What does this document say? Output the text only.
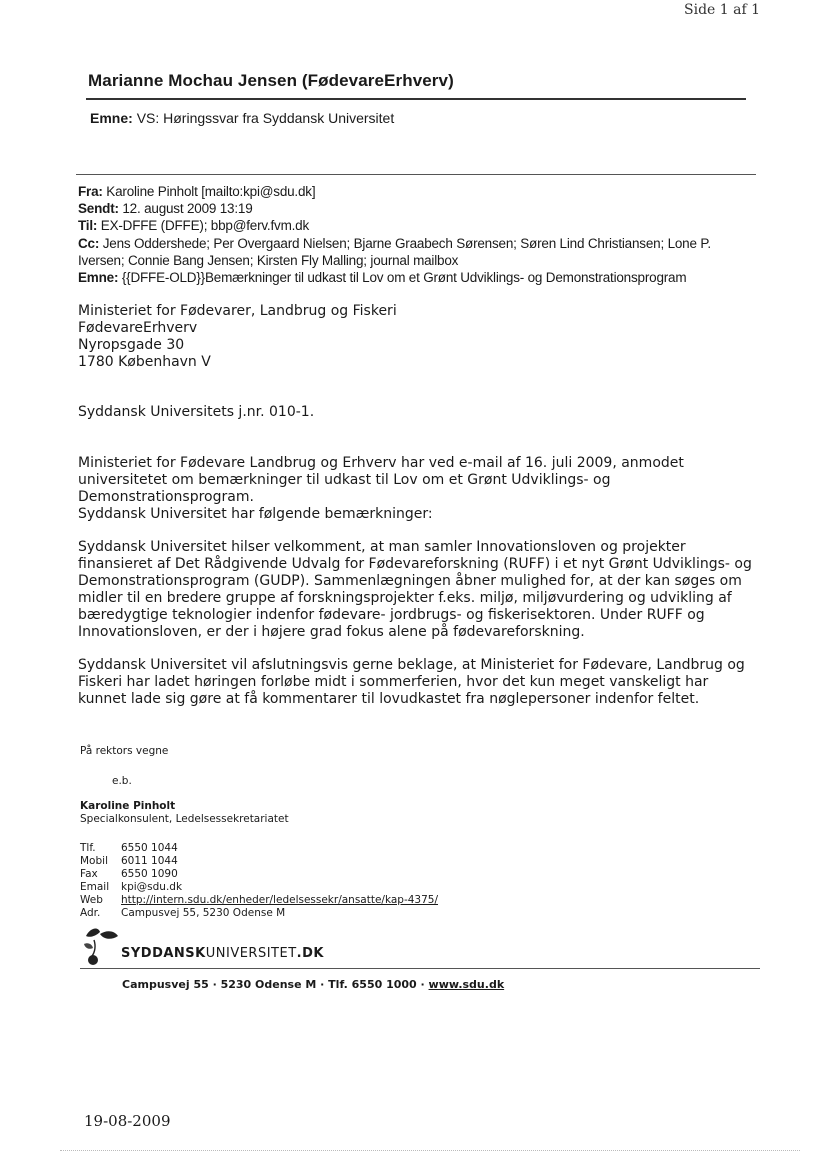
Side 1 af 1
Marianne Mochau Jensen (FødevareErhverv)
Emne: VS: Høringssvar fra Syddansk Universitet
Fra: Karoline Pinholt [mailto:kpi@sdu.dk]
Sendt: 12. august 2009 13:19
Til: EX-DFFE (DFFE); bbp@ferv.fvm.dk
Cc: Jens Oddershede; Per Overgaard Nielsen; Bjarne Graabech Sørensen; Søren Lind Christiansen; Lone P.
Iversen; Connie Bang Jensen; Kirsten Fly Malling; journal mailbox
Emne: {{DFFE-OLD}}Bemærkninger til udkast til Lov om et Grønt Udviklings- og Demonstrationsprogram
Ministeriet for Fødevarer, Landbrug og Fiskeri
FødevareErhverv
Nyropsgade 30
1780 København V
Syddansk Universitets j.nr. 010-1.
Ministeriet for Fødevare Landbrug og Erhverv har ved e-mail af 16. juli 2009, anmodet
universitetet om bemærkninger til udkast til Lov om et Grønt Udviklings- og
Demonstrationsprogram.
Syddansk Universitet har følgende bemærkninger:
Syddansk Universitet hilser velkomment, at man samler Innovationsloven og projekter
finansieret af Det Rådgivende Udvalg for Fødevareforskning (RUFF) i et nyt Grønt Udviklings- og
Demonstrationsprogram (GUDP). Sammenlægningen åbner mulighed for, at der kan søges om
midler til en bredere gruppe af forskningsprojekter f.eks. miljø, miljøvurdering og udvikling af
bæredygtige teknologier indenfor fødevare- jordbrugs- og fiskerisektoren. Under RUFF og
Innovationsloven, er der i højere grad fokus alene på fødevareforskning.
Syddansk Universitet vil afslutningsvis gerne beklage, at Ministeriet for Fødevare, Landbrug og
Fiskeri har ladet høringen forløbe midt i sommerferien, hvor det kun meget vanskeligt har
kunnet lade sig gøre at få kommentarer til lovudkastet fra nøglepersoner indenfor feltet.
På rektors vegne
e.b.
Karoline Pinholt
Specialkonsulent, Ledelsessekretariatet
Tlf.	6550 1044
Mobil	6011 1044
Fax	6550 1090
Email	kpi@sdu.dk
Web	http://intern.sdu.dk/enheder/ledelsessekr/ansatte/kap-4375/
Adr.	Campusvej 55, 5230 Odense M
SYDDANSKUNIVERSITET.DK
Campusvej 55 · 5230 Odense M · Tlf. 6550 1000 · www.sdu.dk
19-08-2009
